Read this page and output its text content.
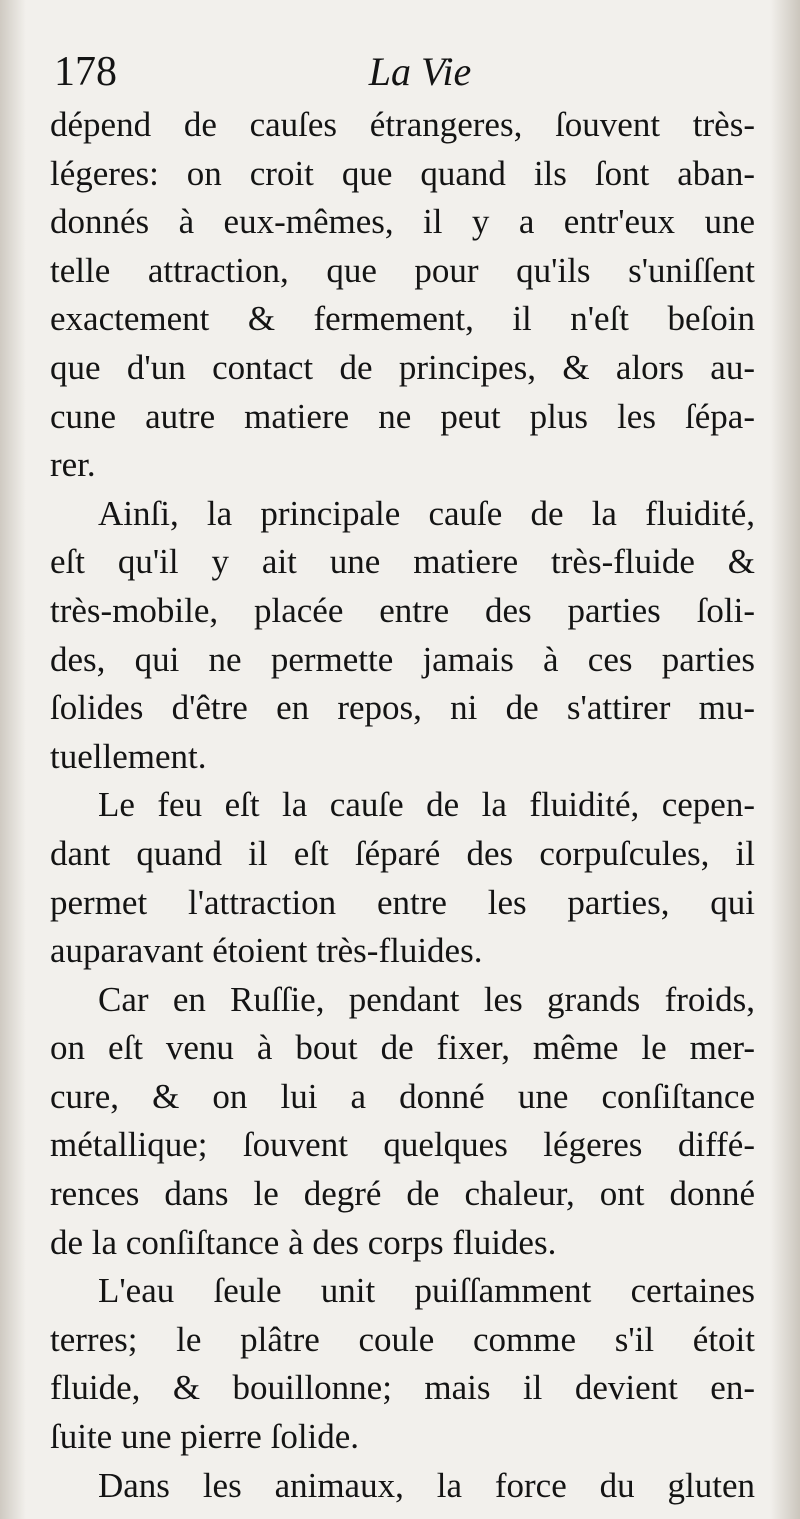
178	La Vie
dépend de cauſes étrangeres, ſouvent très-
légeres: on croit que quand ils ſont aban-
donnés à eux-mêmes, il y a entr'eux une
telle attraction, que pour qu'ils s'uniſſent
exactement & fermement, il n'eſt beſoin
que d'un contact de principes, & alors au-
cune autre matiere ne peut plus les ſépa-
rer.
Ainſi, la principale cauſe de la fluidité,
eſt qu'il y ait une matiere très-fluide &
très-mobile, placée entre des parties ſoli-
des, qui ne permette jamais à ces parties
ſolides d'être en repos, ni de s'attirer mu-
tuellement.
Le feu eſt la cauſe de la fluidité, cepen-
dant quand il eſt ſéparé des corpuſcules, il
permet l'attraction entre les parties, qui
auparavant étoient très-fluides.
Car en Ruſſie, pendant les grands froids,
on eſt venu à bout de fixer, même le mer-
cure, & on lui a donné une conſiſtance
métallique; ſouvent quelques légeres diffé-
rences dans le degré de chaleur, ont donné
de la conſiſtance à des corps fluides.
L'eau ſeule unit puiſſamment certaines
terres; le plâtre coule comme s'il étoit
fluide, & bouillonne; mais il devient en-
ſuite une pierre ſolide.
Dans les animaux, la force du gluten
